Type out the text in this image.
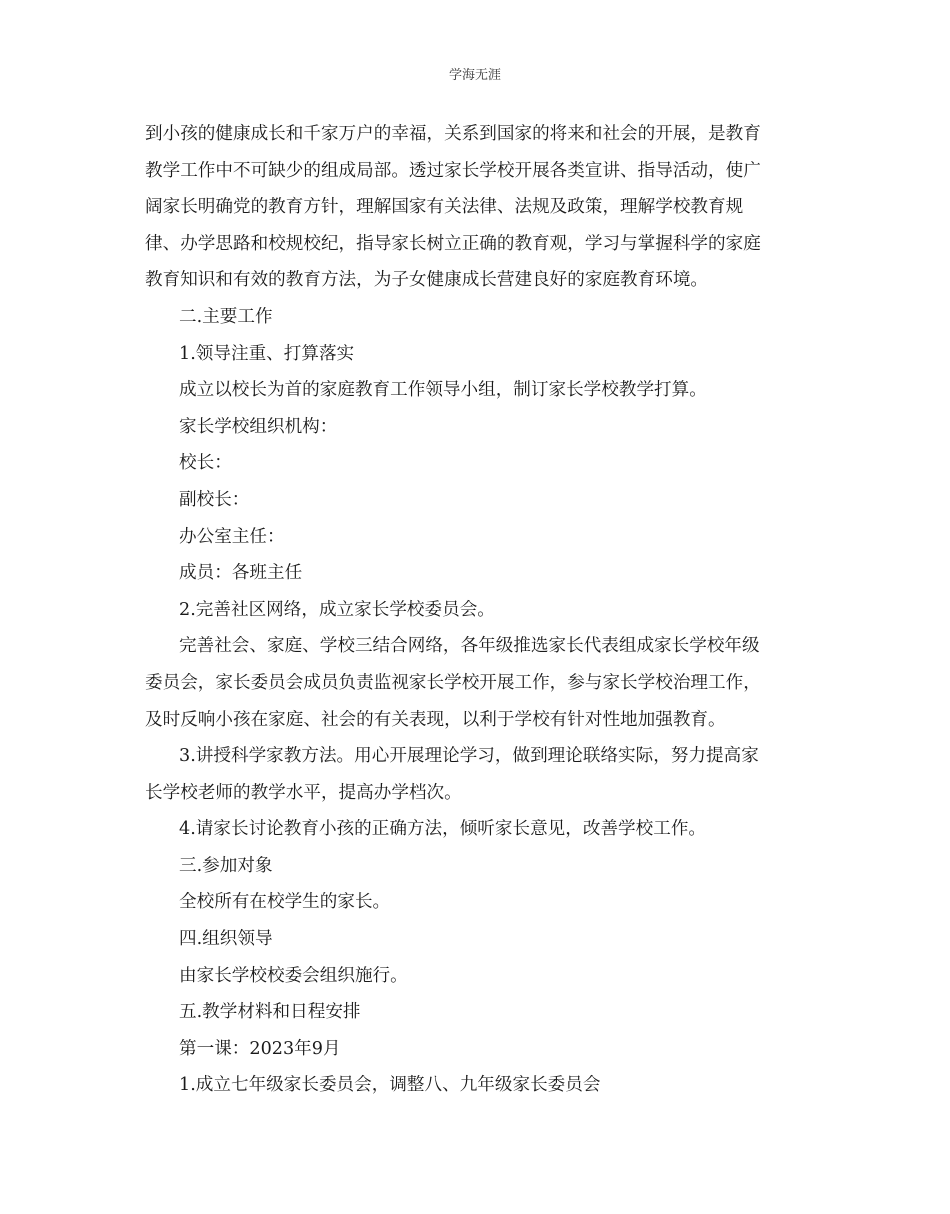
学海无涯

到小孩的健康成长和千家万户的幸福，关系到国家的将来和社会的开展，是教育

教学工作中不可缺少的组成局部。透过家长学校开展各类宣讲、指导活动，使广

阔家长明确党的教育方针，理解国家有关法律、法规及政策，理解学校教育规

律、办学思路和校规校纪，指导家长树立正确的教育观，学习与掌握科学的家庭

教育知识和有效的教育方法，为子女健康成长营建良好的家庭教育环境。

二.主要工作

1.领导注重、打算落实

成立以校长为首的家庭教育工作领导小组，制订家长学校教学打算。

家长学校组织机构：

校长：

副校长：

办公室主任：

成员：各班主任

2.完善社区网络，成立家长学校委员会。

完善社会、家庭、学校三结合网络，各年级推选家长代表组成家长学校年级

委员会，家长委员会成员负责监视家长学校开展工作，参与家长学校治理工作，

及时反响小孩在家庭、社会的有关表现，以利于学校有针对性地加强教育。

3.讲授科学家教方法。用心开展理论学习，做到理论联络实际，努力提高家

长学校老师的教学水平，提高办学档次。

4.请家长讨论教育小孩的正确方法，倾听家长意见，改善学校工作。

三.参加对象

全校所有在校学生的家长。

四.组织领导

由家长学校校委会组织施行。

五.教学材料和日程安排

第一课：2023年9月

1.成立七年级家长委员会，调整八、九年级家长委员会
